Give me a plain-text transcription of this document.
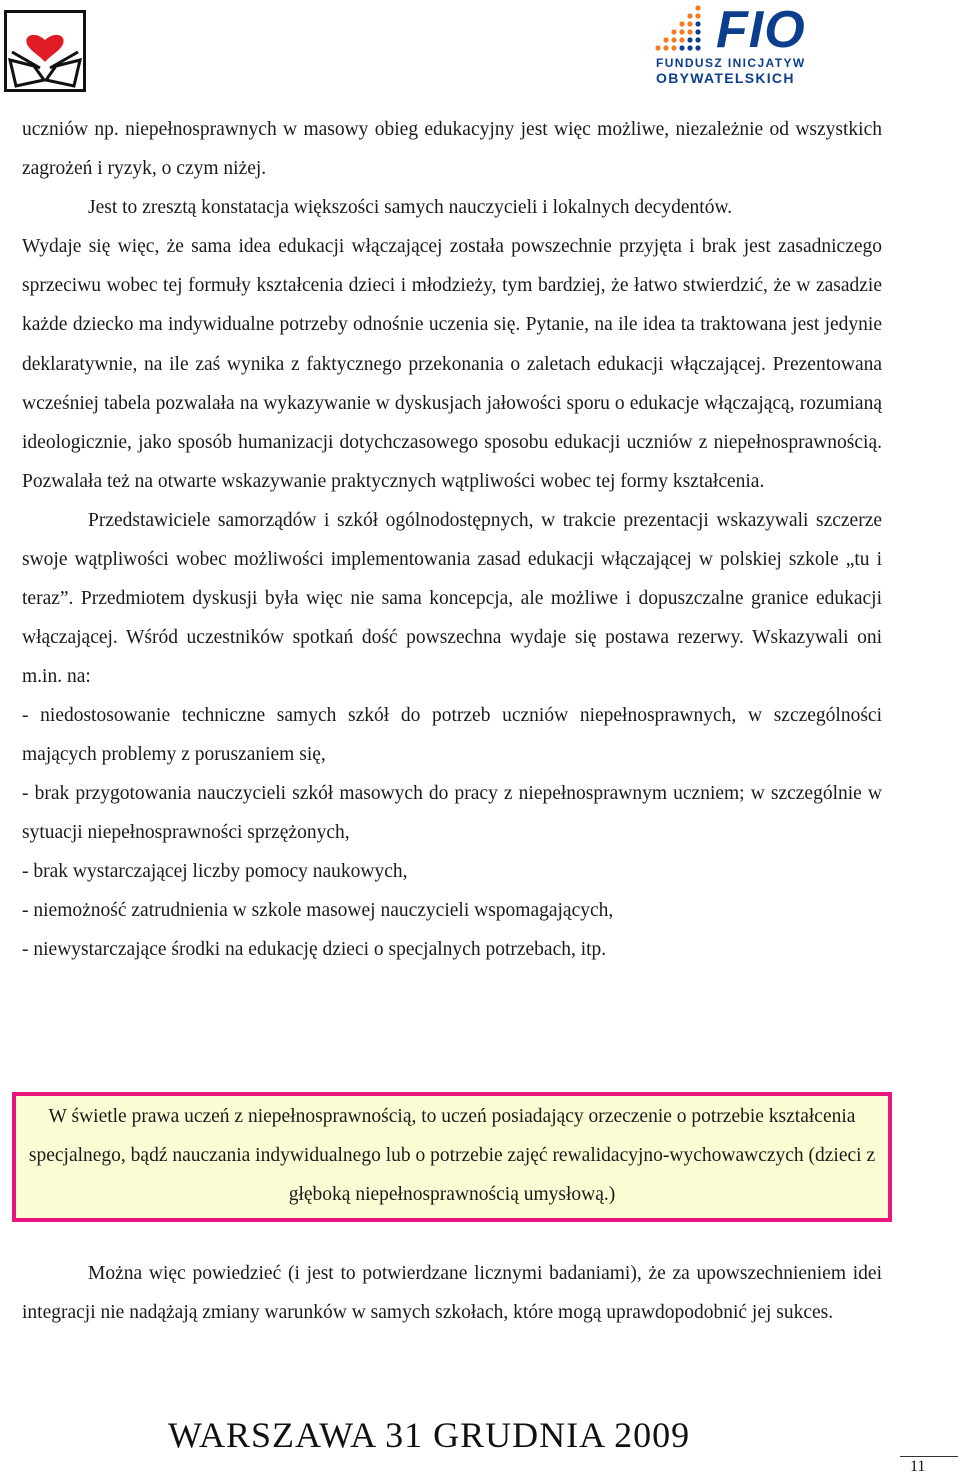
FIO
FUNDUSZ INICJATYW
OBYWATELSKICH

uczniów np. niepełnosprawnych w masowy obieg edukacyjny jest więc możliwe, niezależnie od wszystkich zagrożeń i ryzyk, o czym niżej.

Jest to zresztą konstatacja większości samych nauczycieli i lokalnych decydentów.

Wydaje się więc, że sama idea edukacji włączającej została powszechnie przyjęta i brak jest zasadniczego sprzeciwu wobec tej formuły kształcenia dzieci i młodzieży, tym bardziej, że łatwo stwierdzić, że w zasadzie każde dziecko ma indywidualne potrzeby odnośnie uczenia się. Pytanie, na ile idea ta traktowana jest jedynie deklaratywnie, na ile zaś wynika z faktycznego przekonania o zaletach edukacji włączającej. Prezentowana wcześniej tabela pozwalała na wykazywanie w dyskusjach jałowości sporu o edukacje włączającą, rozumianą ideologicznie, jako sposób humanizacji dotychczasowego sposobu edukacji uczniów z niepełnosprawnością. Pozwalała też na otwarte wskazywanie praktycznych wątpliwości wobec tej formy kształcenia.

Przedstawiciele samorządów i szkół ogólnodostępnych, w trakcie prezentacji wskazywali szczerze swoje wątpliwości wobec możliwości implementowania zasad edukacji włączającej w polskiej szkole „tu i teraz”. Przedmiotem dyskusji była więc nie sama koncepcja, ale możliwe i dopuszczalne granice edukacji włączającej. Wśród uczestników spotkań dość powszechna wydaje się postawa rezerwy. Wskazywali oni m.in. na:

- niedostosowanie techniczne samych szkół do potrzeb uczniów niepełnosprawnych, w szczególności mających problemy z poruszaniem się,

- brak przygotowania nauczycieli szkół masowych do pracy z niepełnosprawnym uczniem; w szczególnie w sytuacji niepełnosprawności sprzężonych,

- brak wystarczającej liczby pomocy naukowych,

- niemożność zatrudnienia w szkole masowej nauczycieli wspomagających,

- niewystarczające środki na edukację dzieci o specjalnych potrzebach, itp.

W świetle prawa uczeń z niepełnosprawnością, to uczeń posiadający orzeczenie o potrzebie kształcenia specjalnego, bądź nauczania indywidualnego lub o potrzebie zajęć rewalidacyjno-wychowawczych (dzieci z głęboką niepełnosprawnością umysłową.)

Można więc powiedzieć (i jest to potwierdzane licznymi badaniami), że za upowszechnieniem idei integracji nie nadążają zmiany warunków w samych szkołach, które mogą uprawdopodobnić jej sukces.

WARSZAWA 31 GRUDNIA 2009
11
